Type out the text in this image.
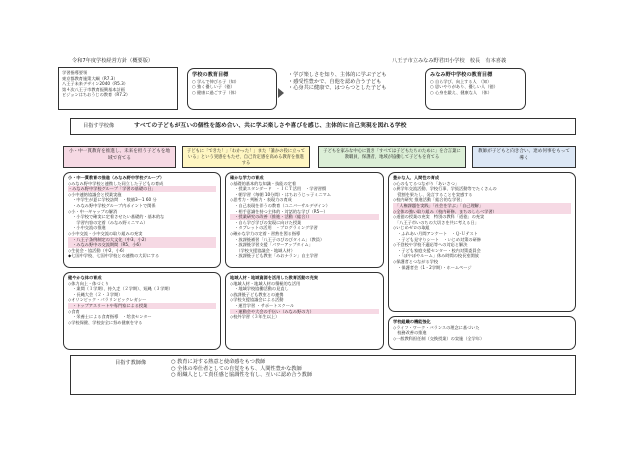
令和7年度学校経営方針（概要版）	八王子市立みなみ野君田小学校　校長　有本喜義
学習指導要領
東京都教育施策大綱（R7.3）
八王子未来デザイン2040（R5.3）
第４次八王子市教育振興基本計画
ビジョンはちおうじの教育（R7.2）
学校の教育目標
○ 学んで伸びる子（知）
○ 強く優しい子（徳）
○ 健康に過ごす子（体）
・学び楽しさを知り、主体的に学ぶ子ども
・感受性豊かで、自他を認め合う子ども
・心身共に健康で、はつらつとした子ども
みなみ野中学校の教育目標
○ 自ら学び、向上する人　（知）
○ 思いやりがあり、優しい人（徳）
○ 心身を鍛え、健康な人　（体）
目指す学校像	すべての子どもが互いの個性を認め合い、共に学ぶ楽しさや喜びを感じ、主体的に自己実現を図れる学校
小・中一貫教育を推進し、未来を担う子どもを地域で育てる
子どもに「できた！」「わかった！」また「誰かの役に立っている」という実感をもたせ、自己肯定感を高める教育を推進する
子どもを家みな中心に置き「すべては子どもたちのために」を合言葉に教職員、保護者、地域が協働して子どもを育てる
教師が子どもと向き合い、達め何事をもって導く
小・中一貫教育の推進（みなみ野中学校グループ）
◇みなみ野中学校と連携した同立した子どもの育成
・みなみ野中学校グループ「学習の基礎の日」
◇小中連絡協議会と授業実施
　・中学生が夏に学校訪問　・数値3〜1 60 分
　・みなみ野中学校グループ内ポイントで関係
◇小・中一ギャップの解消
　・小学校で確実に定着させたい基礎的・基本的な
　　学習内容の定着（みなみ野ミニマム）
　・小中交流の推進
◇小中交流・小中交流の取り組みの充実
　・八王子条例制定の大文化（中3、小2）
　・みなみ野中の交流期間（R5、小6）
◇生徒会・協活動（中2、小6）
◆七国中学校、七国中学校との連携の大切にする
確かな学力の育成
◇基礎的基本的な知識・技能の定着
　・授業スタンダード　・ＩＣＴ活用　・学習習慣
　・朝学習（毎朝 10分間）・はちおうじっ子ミニマム
◇思考力・判断力・表現力の育成
　・自己表現を伴うの教育（ユニバーサルデザイン）
　・相手意識を持つ主体的・対話的な学び（R5〜）
　・授業研究の改善（推進・活動（総合））
　・自ら学び学びの実現に向けた授業
　・タブレットの活用　・プログラミング学習
◇確かな学力の定着・習熟を図る指導
　・放課後補習「八王子のびのびタイム」（教員）
　・放課後学習支援「パワーアップタイム」
　　（学校支援協議会・地域人材）
　・放課後子ども教室「みおナラン」自主学習
豊かな人、人間性の育成
◇心のもてるつながり「あいさつ」
◇異学年交流活動、学校行事、学級活動等でたくさんの
　役割を果たし、発言することを実感する
◇校内研究 推進活動「総合的な学習」
　「人権課題を実践」「社会を学ぶ」「自己理解」
◇全体の強い取り組み（校内研修、まちのしらべ学習）
◇道徳の授業の充実　特別の教科「道徳」の充実
　「八王子市いのちの大切さを共に考える日」
◇いじめゼロの取組
　・ふれあい月間アンケート　・Ｑ-Ｕテスト
　・子ども見守りシート　・いじめ対策の研修
◇不登校や学校不適応等への対応と解決
　・子ども家庭支援センター・校内対策委員会
　・「ぼやぼやルーム」休み時間の校長室開放
◇保護者とつながる学校
　・保護者会（1・2学期）・ホームページ
健やかな体の育成
◇体力向上・体づくり
　・業間（１学期）、持久走（２学期）、短縄（３学期）
　・長縄大会（２・３学期）
◇オリンピック・パラリンピックレガシー
　・トップアスリートや専門家による授業
◇食育
　・栄養士による食育指導　・给食センター
◇学校保健、学校安全に努め健康を守る
地域人材・地域資源を活用した教育活動の充実
◇地域人材・地域人材の積極的な活用
　・地域学校協働活動の見直し
◇放課後子ども教室との連携
◇学校支援協議会による活動
　・運営学習 ・サポートスクール
　・運動会や大会の手伝い（みなみ野の力）
◇校外学習（３年生以上）
学校組織の機能強化
◇ライフ・ワーク・バランスの理念に基づいた
　校務改善の推進
◇一般教科担任制（交換授業）の実施（全学年）
目指す教師像	○ 教育に対する熱意と使命感をもつ教師
○ 全体の奉仕者としての自覚をもち、人間性豊かな教師
○ 組織人として責任感と協調性を有し、互いに認め合う教師
